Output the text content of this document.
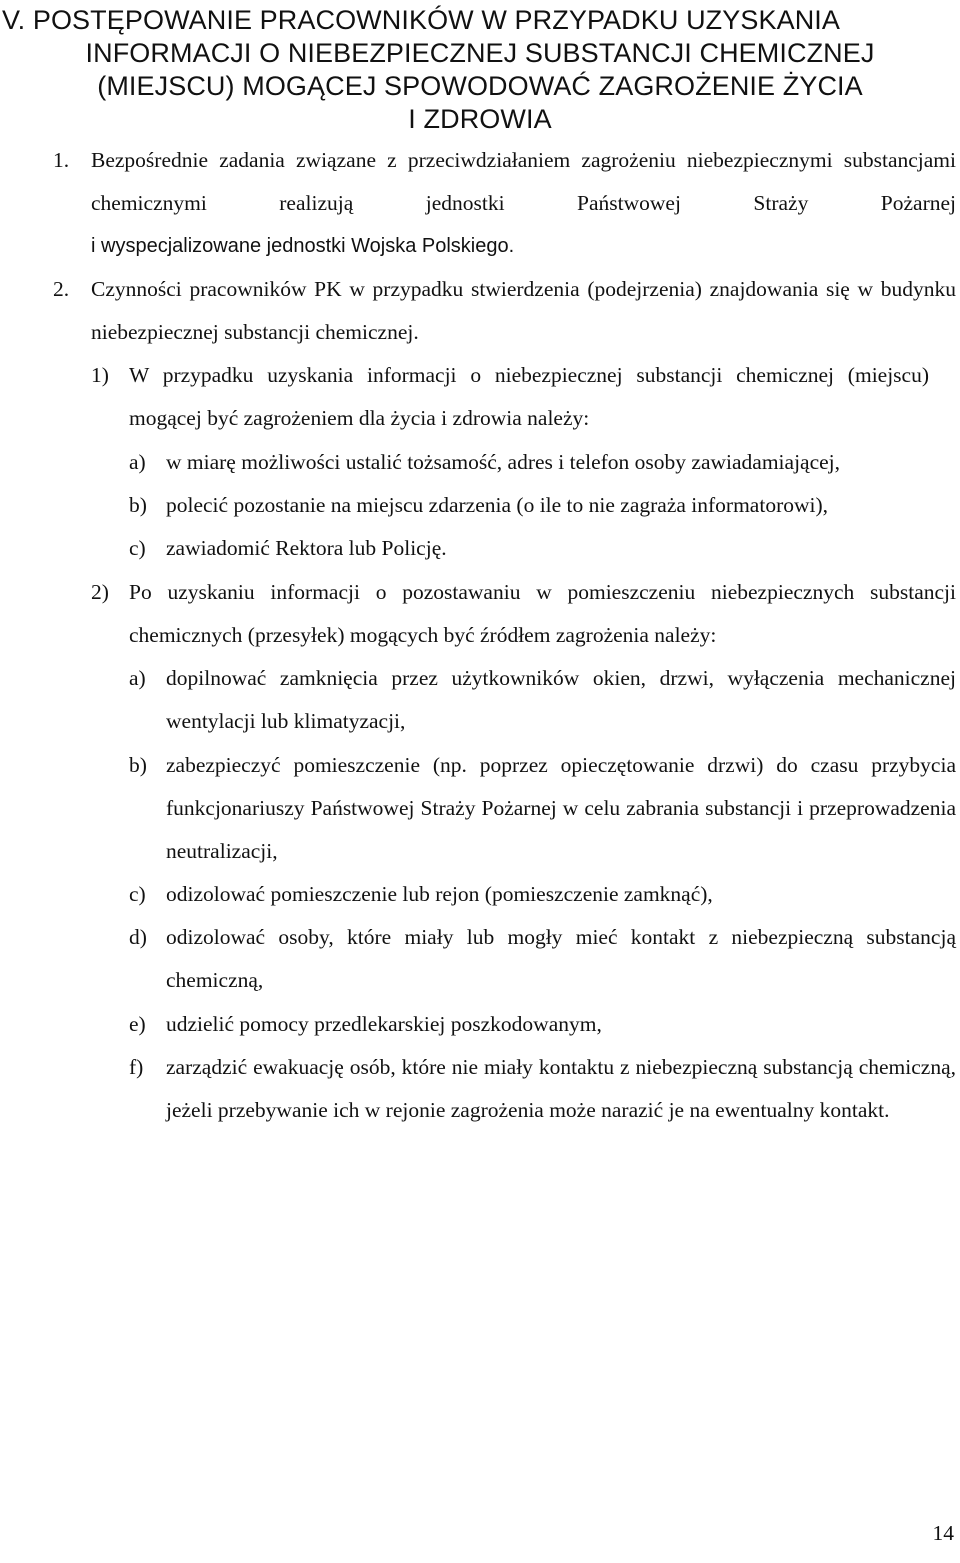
V. POSTĘPOWANIE PRACOWNIKÓW W PRZYPADKU UZYSKANIA
INFORMACJI O NIEBEZPIECZNEJ SUBSTANCJI CHEMICZNEJ
(MIEJSCU) MOGĄCEJ SPOWODOWAĆ ZAGROŻENIE ŻYCIA
I ZDROWIA
1. Bezpośrednie zadania związane z przeciwdziałaniem zagrożeniu niebezpiecznymi substancjami chemicznymi realizują jednostki Państwowej Straży Pożarnej
i wyspecjalizowane jednostki Wojska Polskiego.
2. Czynności pracowników PK w przypadku stwierdzenia (podejrzenia) znajdowania się w budynku niebezpiecznej substancji chemicznej.
1) W przypadku uzyskania informacji o niebezpiecznej substancji chemicznej (miejscu) mogącej być zagrożeniem dla życia i zdrowia należy:
a) w miarę możliwości ustalić tożsamość, adres i telefon osoby zawiadamiającej,
b) polecić pozostanie na miejscu zdarzenia (o ile to nie zagraża informatorowi),
c) zawiadomić Rektora lub Policję.
2) Po uzyskaniu informacji o pozostawaniu w pomieszczeniu niebezpiecznych substancji chemicznych (przesyłek) mogących być źródłem zagrożenia należy:
a) dopilnować zamknięcia przez użytkowników okien, drzwi, wyłączenia mechanicznej wentylacji lub klimatyzacji,
b) zabezpieczyć pomieszczenie (np. poprzez opieczętowanie drzwi) do czasu przybycia funkcjonariuszy Państwowej Straży Pożarnej w celu zabrania substancji i przeprowadzenia neutralizacji,
c) odizolować pomieszczenie lub rejon (pomieszczenie zamknąć),
d) odizolować osoby, które miały lub mogły mieć kontakt z niebezpieczną substancją chemiczną,
e) udzielić pomocy przedlekarskiej poszkodowanym,
f) zarządzić ewakuację osób, które nie miały kontaktu z niebezpieczną substancją chemiczną, jeżeli przebywanie ich w rejonie zagrożenia może narazić je na ewentualny kontakt.
14
